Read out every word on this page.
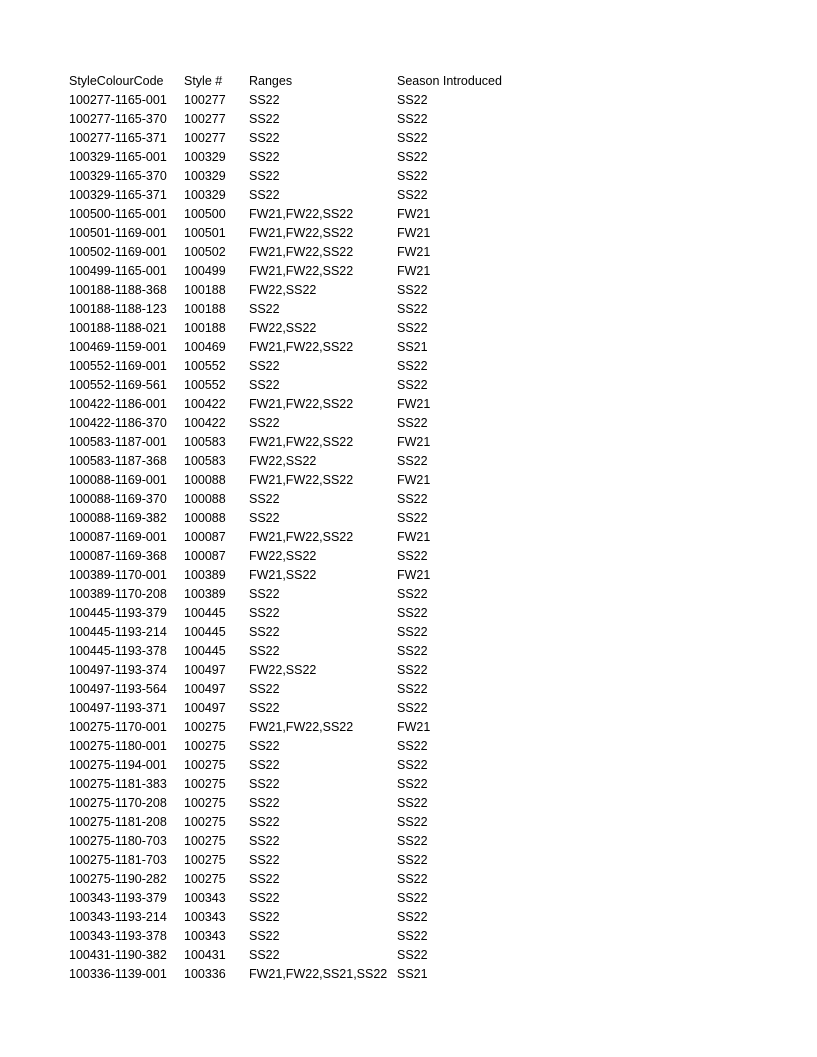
StyleColourCode	Style #	Ranges	Season Introduced
100277-1165-001	100277	SS22	SS22
100277-1165-370	100277	SS22	SS22
100277-1165-371	100277	SS22	SS22
100329-1165-001	100329	SS22	SS22
100329-1165-370	100329	SS22	SS22
100329-1165-371	100329	SS22	SS22
100500-1165-001	100500	FW21,FW22,SS22	FW21
100501-1169-001	100501	FW21,FW22,SS22	FW21
100502-1169-001	100502	FW21,FW22,SS22	FW21
100499-1165-001	100499	FW21,FW22,SS22	FW21
100188-1188-368	100188	FW22,SS22	SS22
100188-1188-123	100188	SS22	SS22
100188-1188-021	100188	FW22,SS22	SS22
100469-1159-001	100469	FW21,FW22,SS22	SS21
100552-1169-001	100552	SS22	SS22
100552-1169-561	100552	SS22	SS22
100422-1186-001	100422	FW21,FW22,SS22	FW21
100422-1186-370	100422	SS22	SS22
100583-1187-001	100583	FW21,FW22,SS22	FW21
100583-1187-368	100583	FW22,SS22	SS22
100088-1169-001	100088	FW21,FW22,SS22	FW21
100088-1169-370	100088	SS22	SS22
100088-1169-382	100088	SS22	SS22
100087-1169-001	100087	FW21,FW22,SS22	FW21
100087-1169-368	100087	FW22,SS22	SS22
100389-1170-001	100389	FW21,SS22	FW21
100389-1170-208	100389	SS22	SS22
100445-1193-379	100445	SS22	SS22
100445-1193-214	100445	SS22	SS22
100445-1193-378	100445	SS22	SS22
100497-1193-374	100497	FW22,SS22	SS22
100497-1193-564	100497	SS22	SS22
100497-1193-371	100497	SS22	SS22
100275-1170-001	100275	FW21,FW22,SS22	FW21
100275-1180-001	100275	SS22	SS22
100275-1194-001	100275	SS22	SS22
100275-1181-383	100275	SS22	SS22
100275-1170-208	100275	SS22	SS22
100275-1181-208	100275	SS22	SS22
100275-1180-703	100275	SS22	SS22
100275-1181-703	100275	SS22	SS22
100275-1190-282	100275	SS22	SS22
100343-1193-379	100343	SS22	SS22
100343-1193-214	100343	SS22	SS22
100343-1193-378	100343	SS22	SS22
100431-1190-382	100431	SS22	SS22
100336-1139-001	100336	FW21,FW22,SS21,SS22	SS21
